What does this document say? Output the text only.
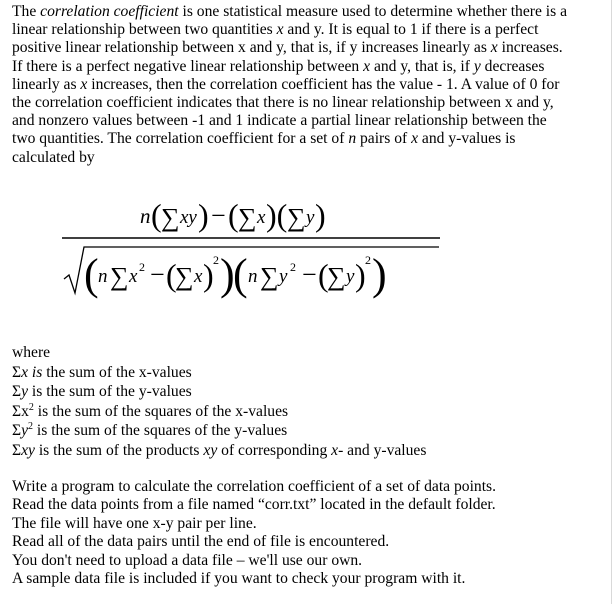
The correlation coefficient is one statistical measure used to determine whether there is a
linear relationship between two quantities x and y. It is equal to 1 if there is a perfect
positive linear relationship between x and y, that is, if y increases linearly as x increases.
If there is a perfect negative linear relationship between x and y, that is, if y decreases
linearly as x increases, then the correlation coefficient has the value - 1. A value of 0 for
the correlation coefficient indicates that there is no linear relationship between x and y,
and nonzero values between -1 and 1 indicate a partial linear relationship between the
two quantities. The correlation coefficient for a set of n pairs of x and y-values is
calculated by

n ( ∑ xy ) − ( ∑ x )( ∑ y )
( n ∑ x 2 − (
∑ x ) 2 )
( n ∑ y 2 − (
∑ y ) 2 )
where
Σx is the sum of the x-values
Σy is the sum of the y-values
$\Sigma x^2$ is the sum of the squares of the x-values
$\Sigma y^2$ is the sum of the squares of the y-values
Σxy is the sum of the products xy of corresponding x- and y-values
Write a program to calculate the correlation coefficient of a set of data points.
Read the data points from a file named “corr.txt” located in the default folder.
The file will have one x-y pair per line.
Read all of the data pairs until the end of file is encountered.
You don't need to upload a data file – we'll use our own.
A sample data file is included if you want to check your program with it.
